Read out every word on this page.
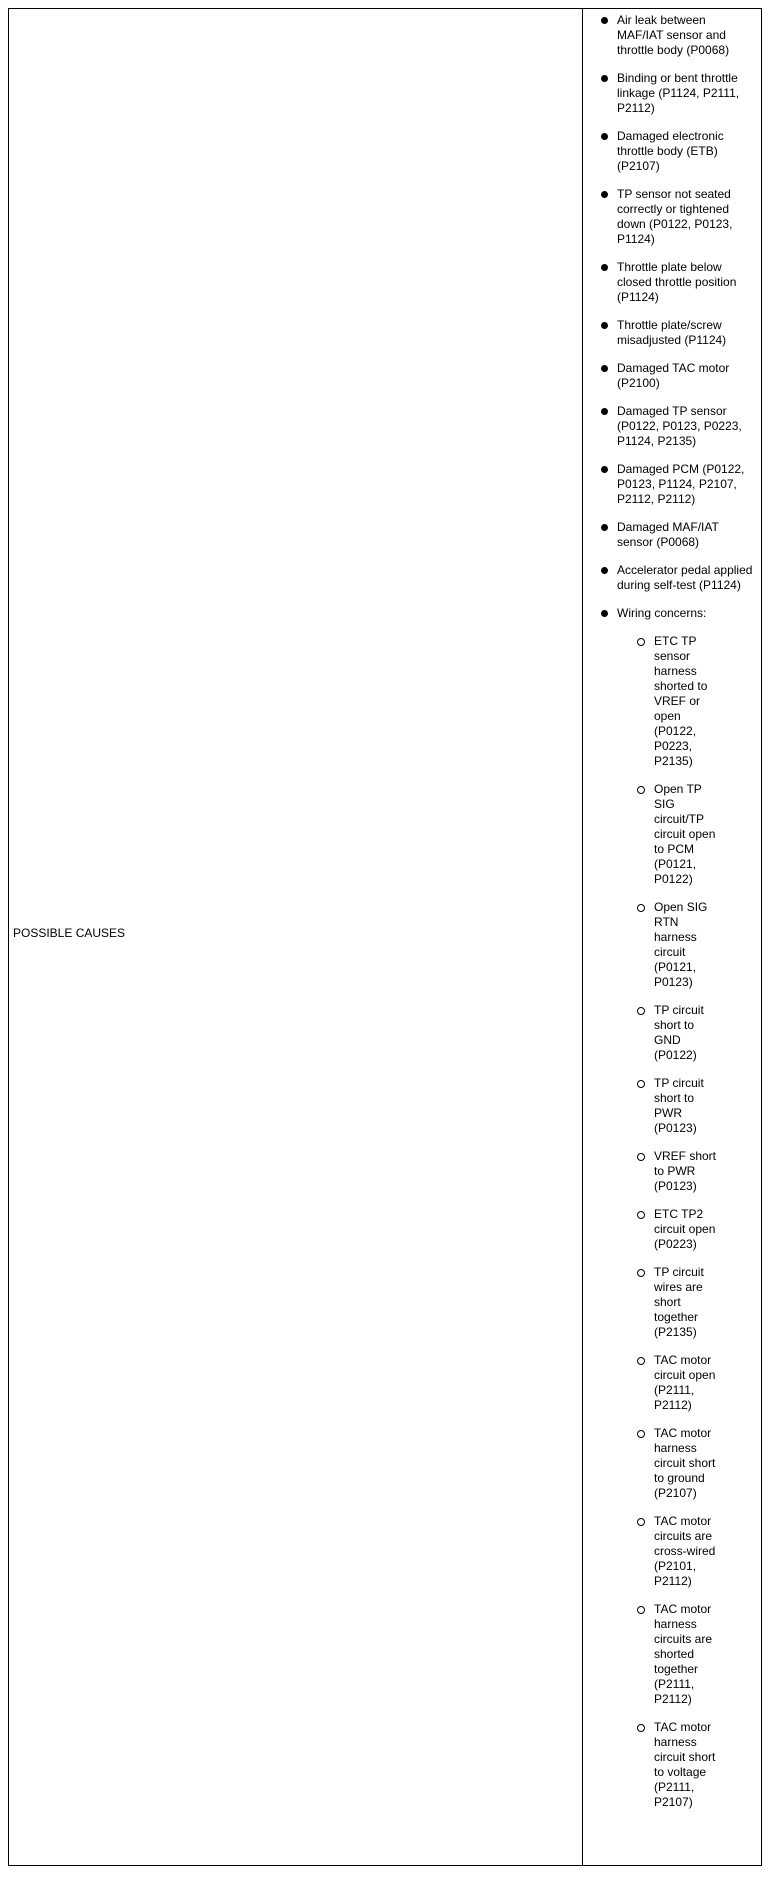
POSSIBLE CAUSES
Air leak between MAF/IAT sensor and throttle body (P0068)
Binding or bent throttle linkage (P1124, P2111, P2112)
Damaged electronic throttle body (ETB) (P2107)
TP sensor not seated correctly or tightened down (P0122, P0123, P1124)
Throttle plate below closed throttle position (P1124)
Throttle plate/screw misadjusted (P1124)
Damaged TAC motor (P2100)
Damaged TP sensor (P0122, P0123, P0223, P1124, P2135)
Damaged PCM (P0122, P0123, P1124, P2107, P2112, P2112)
Damaged MAF/IAT sensor (P0068)
Accelerator pedal applied during self-test (P1124)
Wiring concerns:
ETC TP sensor harness shorted to VREF or open (P0122, P0223, P2135)
Open TP SIG circuit/TP circuit open to PCM (P0121, P0122)
Open SIG RTN harness circuit (P0121, P0123)
TP circuit short to GND (P0122)
TP circuit short to PWR (P0123)
VREF short to PWR (P0123)
ETC TP2 circuit open (P0223)
TP circuit wires are short together (P2135)
TAC motor circuit open (P2111, P2112)
TAC motor harness circuit short to ground (P2107)
TAC motor circuits are cross-wired (P2101, P2112)
TAC motor harness circuits are shorted together (P2111, P2112)
TAC motor harness circuit short to voltage (P2111, P2107)
